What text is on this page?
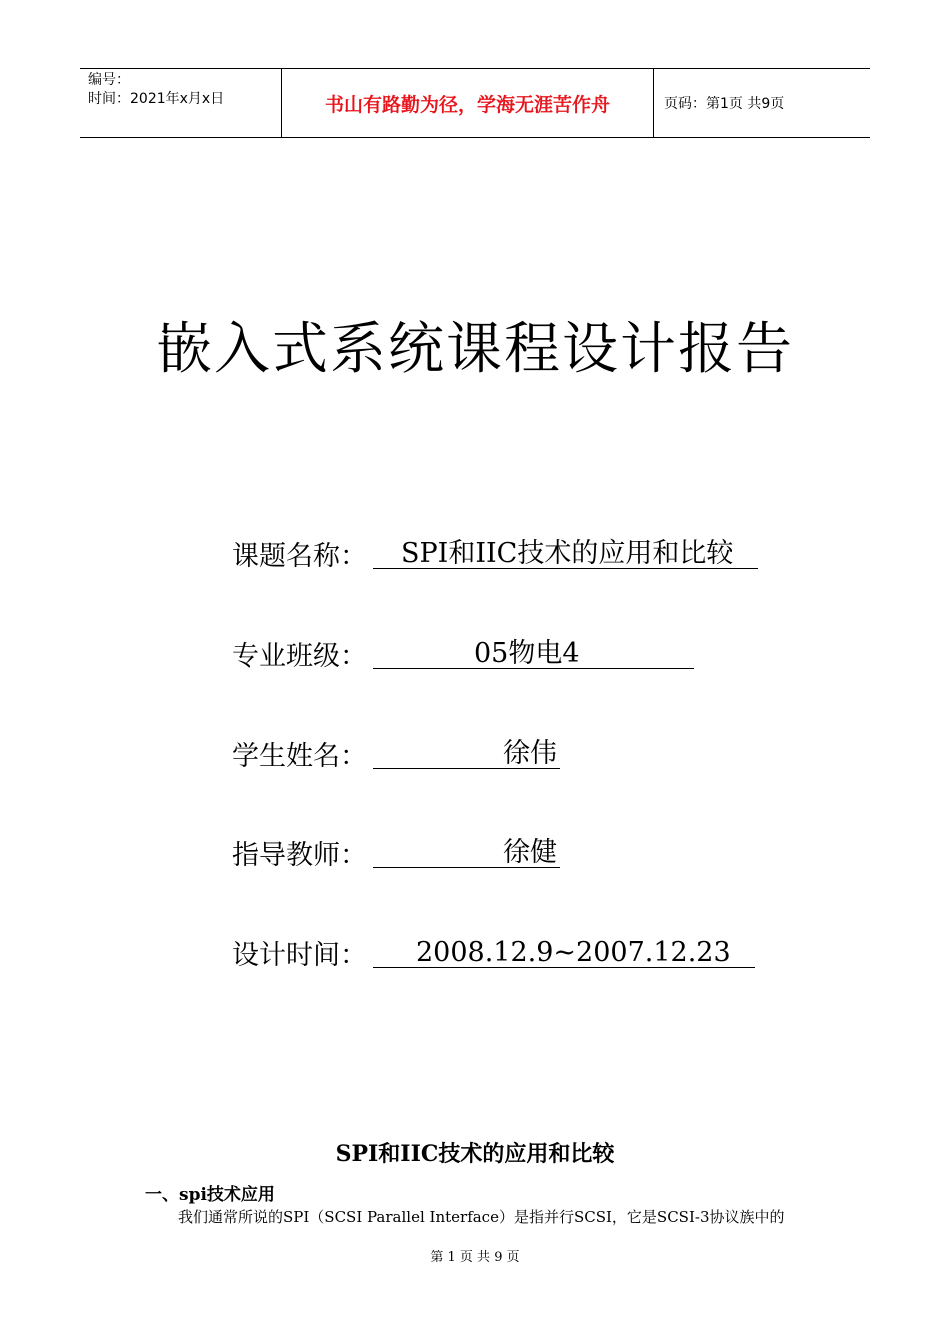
编号：
时间：2021年x月x日	书山有路勤为径，学海无涯苦作舟	页码：第1页 共9页
嵌入式系统课程设计报告
课题名称：	SPI和IIC技术的应用和比较
专业班级：	05物电4
学生姓名：	徐伟
指导教师：	徐健
设计时间：	2008.12.9~2007.12.23
SPI和IIC技术的应用和比较
一、spi技术应用
我们通常所说的SPI（SCSI Parallel Interface）是指并行SCSI，它是SCSI-3协议族中的
第 1 页 共 9 页
